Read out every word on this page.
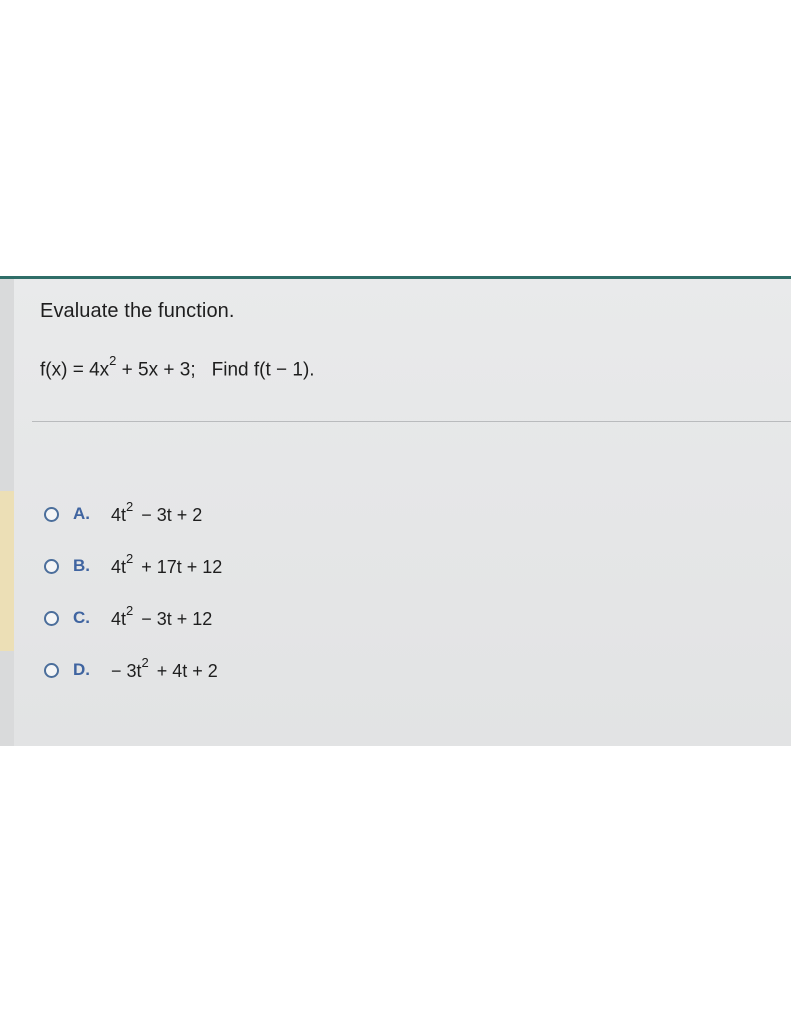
Evaluate the function.
$f(x) = 4x^2 + 5x + 3$; Find f(t − 1).
A.	$4t^2 - 3t + 2$
B.	$4t^2 + 17t + 12$
C.	$4t^2 - 3t + 12$
D.	− $3t^2 + 4t + 2$
